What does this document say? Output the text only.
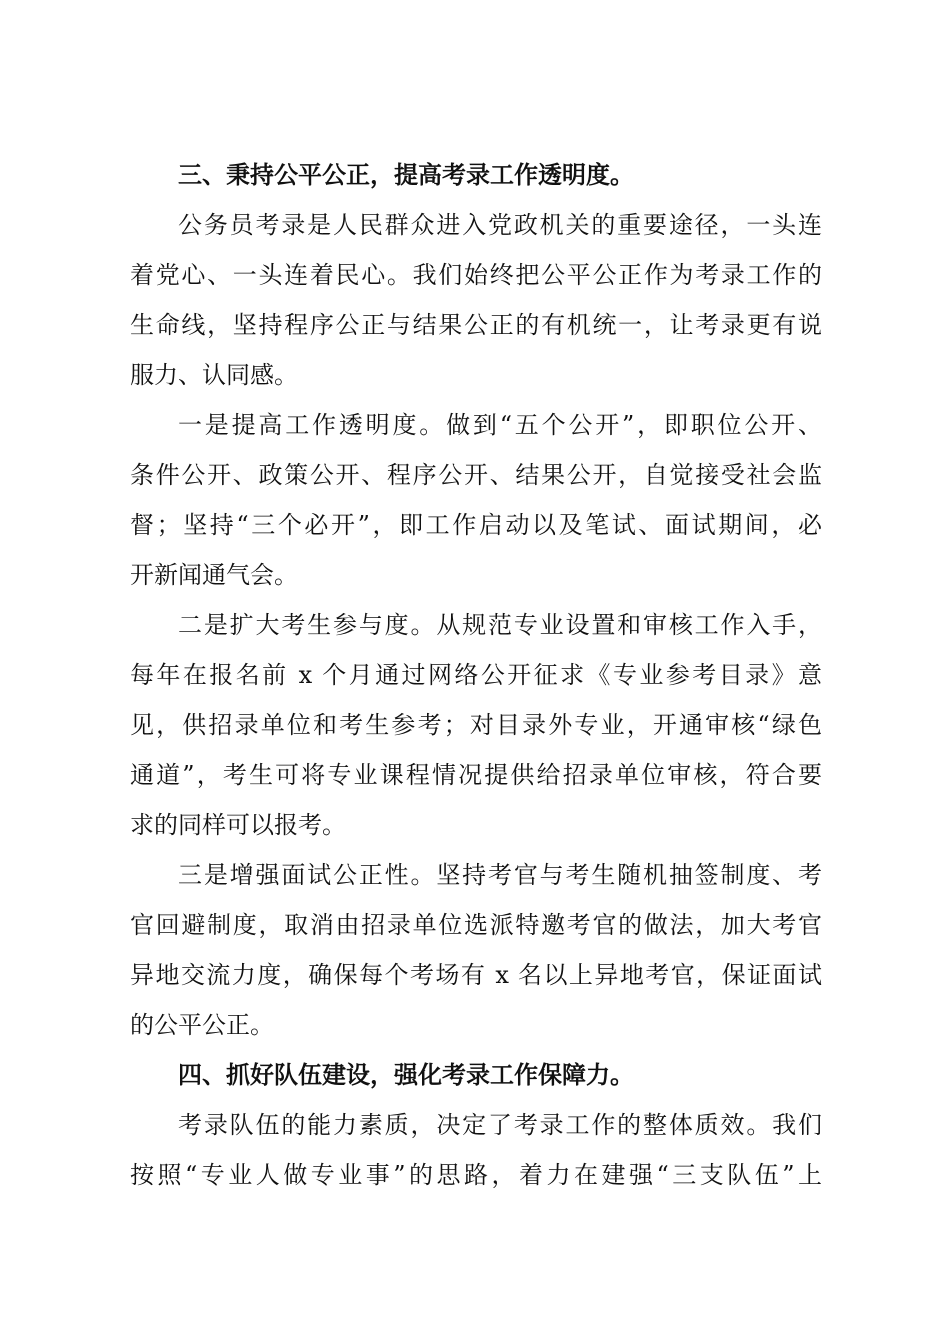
三、秉持公平公正，提高考录工作透明度。

公务员考录是人民群众进入党政机关的重要途径，一头连
着党心、一头连着民心。我们始终把公平公正作为考录工作的
生命线，坚持程序公正与结果公正的有机统一，让考录更有说
服力、认同感。
一是提高工作透明度。做到“五个公开”，即职位公开、
条件公开、政策公开、程序公开、结果公开，自觉接受社会监
督；坚持“三个必开”，即工作启动以及笔试、面试期间，必
开新闻通气会。
二是扩大考生参与度。从规范专业设置和审核工作入手，
每年在报名前 x 个月通过网络公开征求《专业参考目录》意
见，供招录单位和考生参考；对目录外专业，开通审核“绿色
通道”，考生可将专业课程情况提供给招录单位审核，符合要
求的同样可以报考。
三是增强面试公正性。坚持考官与考生随机抽签制度、考
官回避制度，取消由招录单位选派特邀考官的做法，加大考官
异地交流力度，确保每个考场有 x 名以上异地考官，保证面试
的公平公正。

四、抓好队伍建设，强化考录工作保障力。

考录队伍的能力素质，决定了考录工作的整体质效。我们
按照“专业人做专业事”的思路，着力在建强“三支队伍”上
